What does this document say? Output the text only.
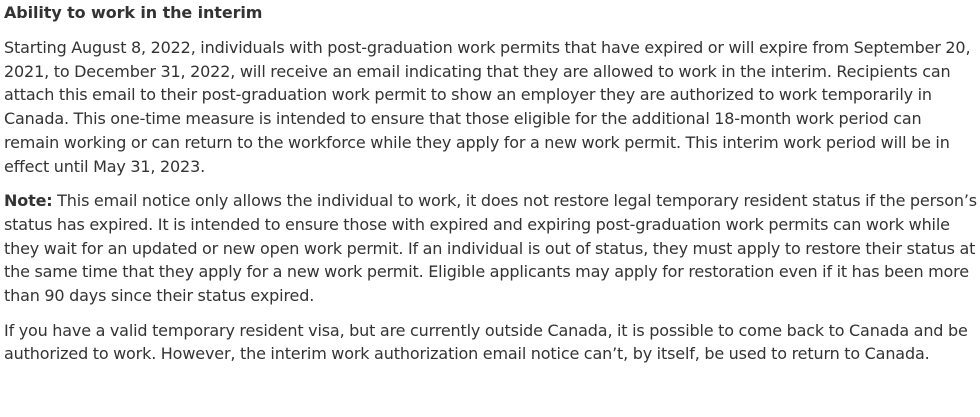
Ability to work in the interim

Starting August 8, 2022, individuals with post-graduation work permits that have expired or will expire from September 20, 2021, to December 31, 2022, will receive an email indicating that they are allowed to work in the interim. Recipients can attach this email to their post-graduation work permit to show an employer they are authorized to work temporarily in Canada. This one-time measure is intended to ensure that those eligible for the additional 18-month work period can remain working or can return to the workforce while they apply for a new work permit. This interim work period will be in effect until May 31, 2023.

Note: This email notice only allows the individual to work, it does not restore legal temporary resident status if the person’s status has expired. It is intended to ensure those with expired and expiring post-graduation work permits can work while they wait for an updated or new open work permit. If an individual is out of status, they must apply to restore their status at the same time that they apply for a new work permit. Eligible applicants may apply for restoration even if it has been more than 90 days since their status expired.

If you have a valid temporary resident visa, but are currently outside Canada, it is possible to come back to Canada and be authorized to work. However, the interim work authorization email notice can’t, by itself, be used to return to Canada.
